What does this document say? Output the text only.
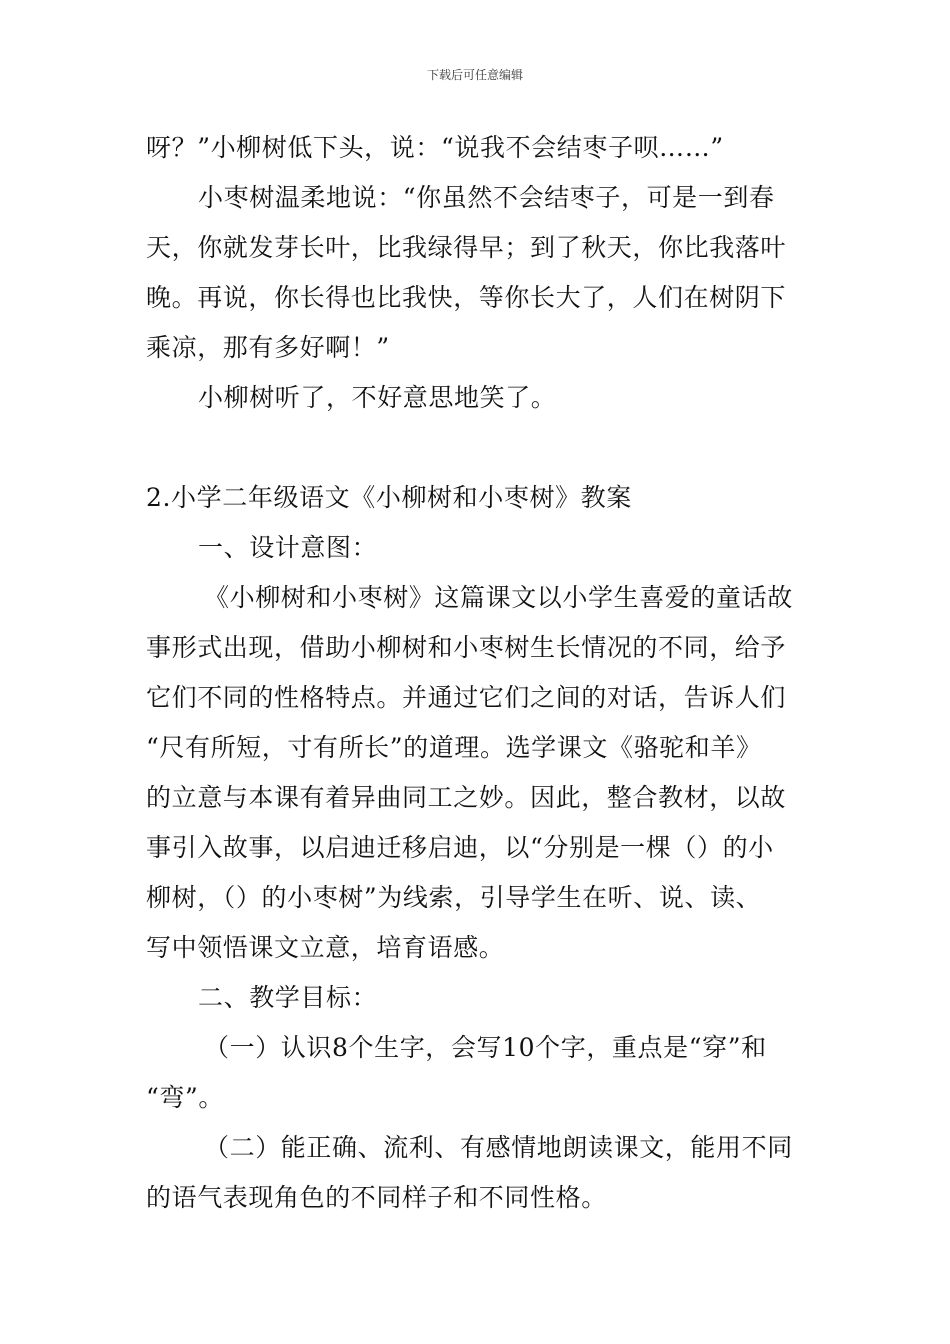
下载后可任意编辑
呀？”小柳树低下头，说：“说我不会结枣子呗……”
小枣树温柔地说：“你虽然不会结枣子，可是一到春
天，你就发芽长叶，比我绿得早；到了秋天，你比我落叶
晚。再说，你长得也比我快，等你长大了，人们在树阴下
乘凉，那有多好啊！”
小柳树听了，不好意思地笑了。
2.小学二年级语文《小柳树和小枣树》教案
一、设计意图：
《小柳树和小枣树》这篇课文以小学生喜爱的童话故
事形式出现，借助小柳树和小枣树生长情况的不同，给予
它们不同的性格特点。并通过它们之间的对话，告诉人们
“尺有所短，寸有所长”的道理。选学课文《骆驼和羊》
的立意与本课有着异曲同工之妙。因此，整合教材，以故
事引入故事，以启迪迁移启迪，以“分别是一棵（）的小
柳树，（）的小枣树”为线索，引导学生在听、说、读、
写中领悟课文立意，培育语感。
二、教学目标：
（一）认识8个生字，会写10个字，重点是“穿”和
“弯”。
（二）能正确、流利、有感情地朗读课文，能用不同
的语气表现角色的不同样子和不同性格。
